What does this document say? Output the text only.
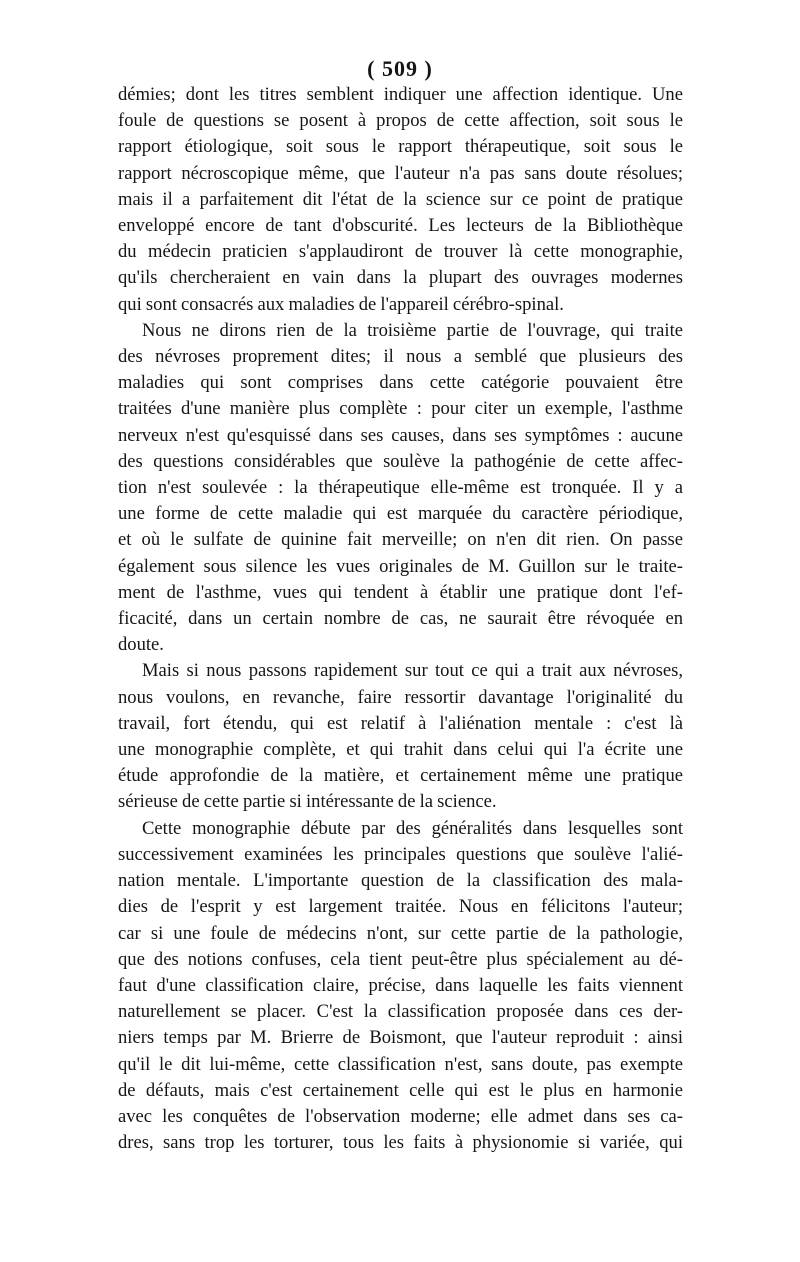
( 509 )

démies; dont les titres semblent indiquer une affection identique. Une
foule de questions se posent à propos de cette affection, soit sous le
rapport étiologique, soit sous le rapport thérapeutique, soit sous le
rapport nécroscopique même, que l'auteur n'a pas sans doute résolues;
mais il a parfaitement dit l'état de la science sur ce point de pratique
enveloppé encore de tant d'obscurité. Les lecteurs de la Bibliothèque
du médecin praticien s'applaudiront de trouver là cette monographie,
qu'ils chercheraient en vain dans la plupart des ouvrages modernes
qui sont consacrés aux maladies de l'appareil cérébro-spinal.

Nous ne dirons rien de la troisième partie de l'ouvrage, qui traite
des névroses proprement dites; il nous a semblé que plusieurs des
maladies qui sont comprises dans cette catégorie pouvaient être
traitées d'une manière plus complète : pour citer un exemple, l'asthme
nerveux n'est qu'esquissé dans ses causes, dans ses symptômes : aucune
des questions considérables que soulève la pathogénie de cette affec-
tion n'est soulevée : la thérapeutique elle-même est tronquée. Il y a
une forme de cette maladie qui est marquée du caractère périodique,
et où le sulfate de quinine fait merveille; on n'en dit rien. On passe
également sous silence les vues originales de M. Guillon sur le traite-
ment de l'asthme, vues qui tendent à établir une pratique dont l'ef-
ficacité, dans un certain nombre de cas, ne saurait être révoquée en
doute.

Mais si nous passons rapidement sur tout ce qui a trait aux névroses,
nous voulons, en revanche, faire ressortir davantage l'originalité du
travail, fort étendu, qui est relatif à l'aliénation mentale : c'est là
une monographie complète, et qui trahit dans celui qui l'a écrite une
étude approfondie de la matière, et certainement même une pratique
sérieuse de cette partie si intéressante de la science.

Cette monographie débute par des généralités dans lesquelles sont
successivement examinées les principales questions que soulève l'alié-
nation mentale. L'importante question de la classification des mala-
dies de l'esprit y est largement traitée. Nous en félicitons l'auteur;
car si une foule de médecins n'ont, sur cette partie de la pathologie,
que des notions confuses, cela tient peut-être plus spécialement au dé-
faut d'une classification claire, précise, dans laquelle les faits viennent
naturellement se placer. C'est la classification proposée dans ces der-
niers temps par M. Brierre de Boismont, que l'auteur reproduit : ainsi
qu'il le dit lui-même, cette classification n'est, sans doute, pas exempte
de défauts, mais c'est certainement celle qui est le plus en harmonie
avec les conquêtes de l'observation moderne; elle admet dans ses ca-
dres, sans trop les torturer, tous les faits à physionomie si variée, qui
